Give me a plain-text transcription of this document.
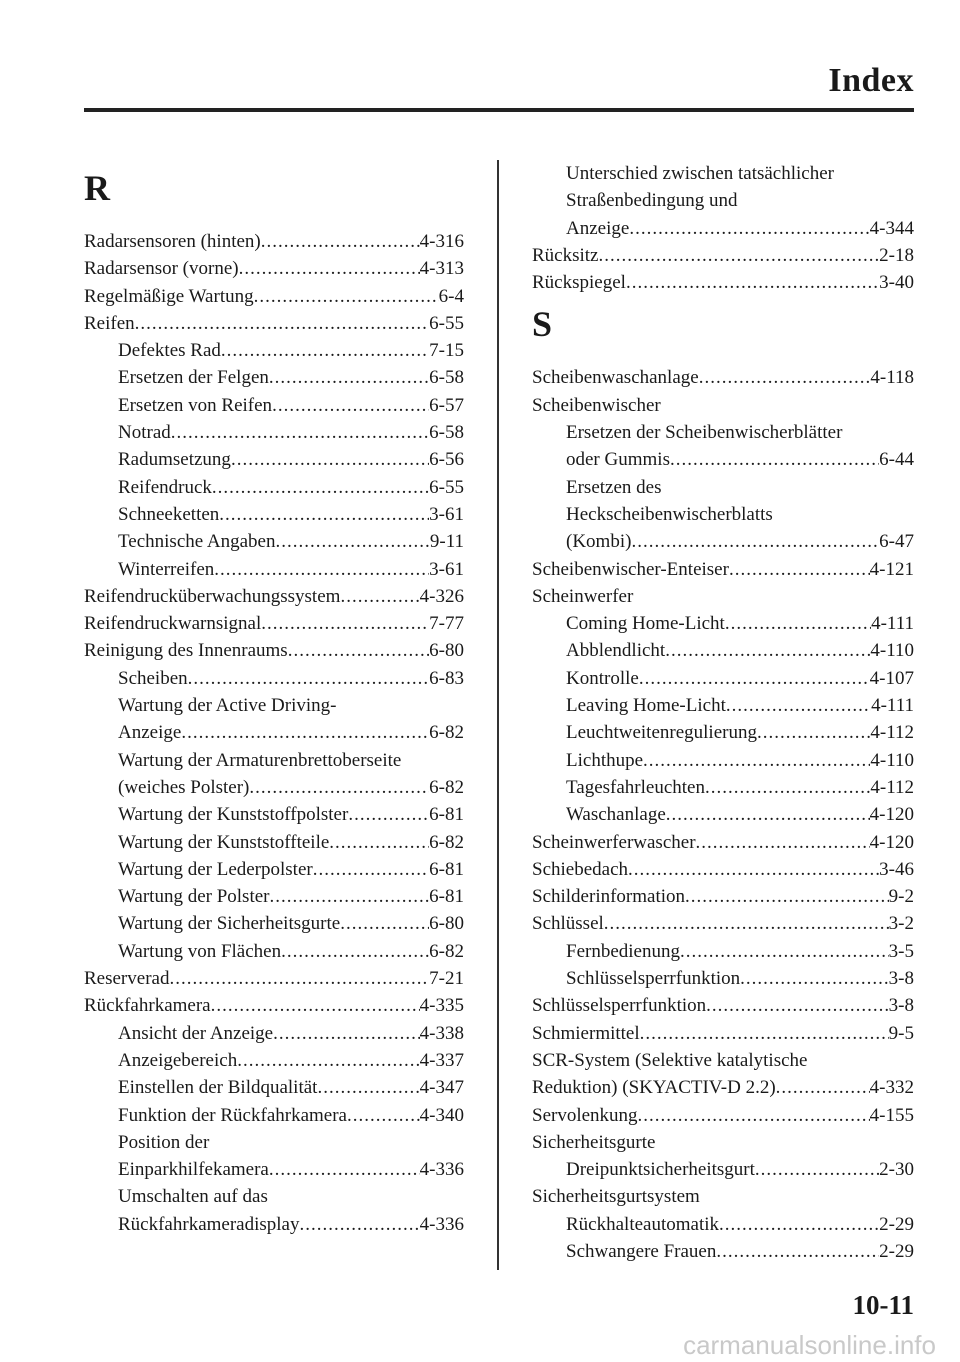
Index
R
Radarsensoren (hinten) .....	4-316
Radarsensor (vorne) .....	4-313
Regelmäßige Wartung .....	6-4
Reifen .....	6-55
Defektes Rad .....	7-15
Ersetzen der Felgen .....	6-58
Ersetzen von Reifen .....	6-57
Notrad .....	6-58
Radumsetzung .....	6-56
Reifendruck .....	6-55
Schneeketten .....	3-61
Technische Angaben .....	9-11
Winterreifen .....	3-61
Reifendrucküberwachungssystem .....	4-326
Reifendruckwarnsignal .....	7-77
Reinigung des Innenraums .....	6-80
Scheiben .....	6-83
Wartung der Active Driving-
Anzeige .....	6-82
Wartung der Armaturenbrettoberseite
(weiches Polster) .....	6-82
Wartung der Kunststoffpolster .....	6-81
Wartung der Kunststoffteile .....	6-82
Wartung der Lederpolster .....	6-81
Wartung der Polster .....	6-81
Wartung der Sicherheitsgurte .....	6-80
Wartung von Flächen .....	6-82
Reserverad .....	7-21
Rückfahrkamera .....	4-335
Ansicht der Anzeige .....	4-338
Anzeigebereich .....	4-337
Einstellen der Bildqualität .....	4-347
Funktion der Rückfahrkamera .....	4-340
Position der
Einparkhilfekamera .....	4-336
Umschalten auf das
Rückfahrkameradisplay .....	4-336
Unterschied zwischen tatsächlicher
Straßenbedingung und
Anzeige .....	4-344
Rücksitz .....	2-18
Rückspiegel .....	3-40
S
Scheibenwaschanlage .....	4-118
Scheibenwischer
Ersetzen der Scheibenwischerblätter
oder Gummis .....	6-44
Ersetzen des
Heckscheibenwischerblatts
(Kombi) .....	6-47
Scheibenwischer-Enteiser .....	4-121
Scheinwerfer
Coming Home-Licht .....	4-111
Abblendlicht .....	4-110
Kontrolle .....	4-107
Leaving Home-Licht .....	4-111
Leuchtweitenregulierung .....	4-112
Lichthupe .....	4-110
Tagesfahrleuchten .....	4-112
Waschanlage .....	4-120
Scheinwerferwascher .....	4-120
Schiebedach .....	3-46
Schilderinformation .....	9-2
Schlüssel .....	3-2
Fernbedienung .....	3-5
Schlüsselsperrfunktion .....	3-8
Schlüsselsperrfunktion .....	3-8
Schmiermittel .....	9-5
SCR-System (Selektive katalytische
Reduktion) (SKYACTIV-D 2.2) .....	4-332
Servolenkung .....	4-155
Sicherheitsgurte
Dreipunktsicherheitsgurt .....	2-30
Sicherheitsgurtsystem
Rückhalteautomatik .....	2-29
Schwangere Frauen .....	2-29
10-11
carmanualsonline.info
